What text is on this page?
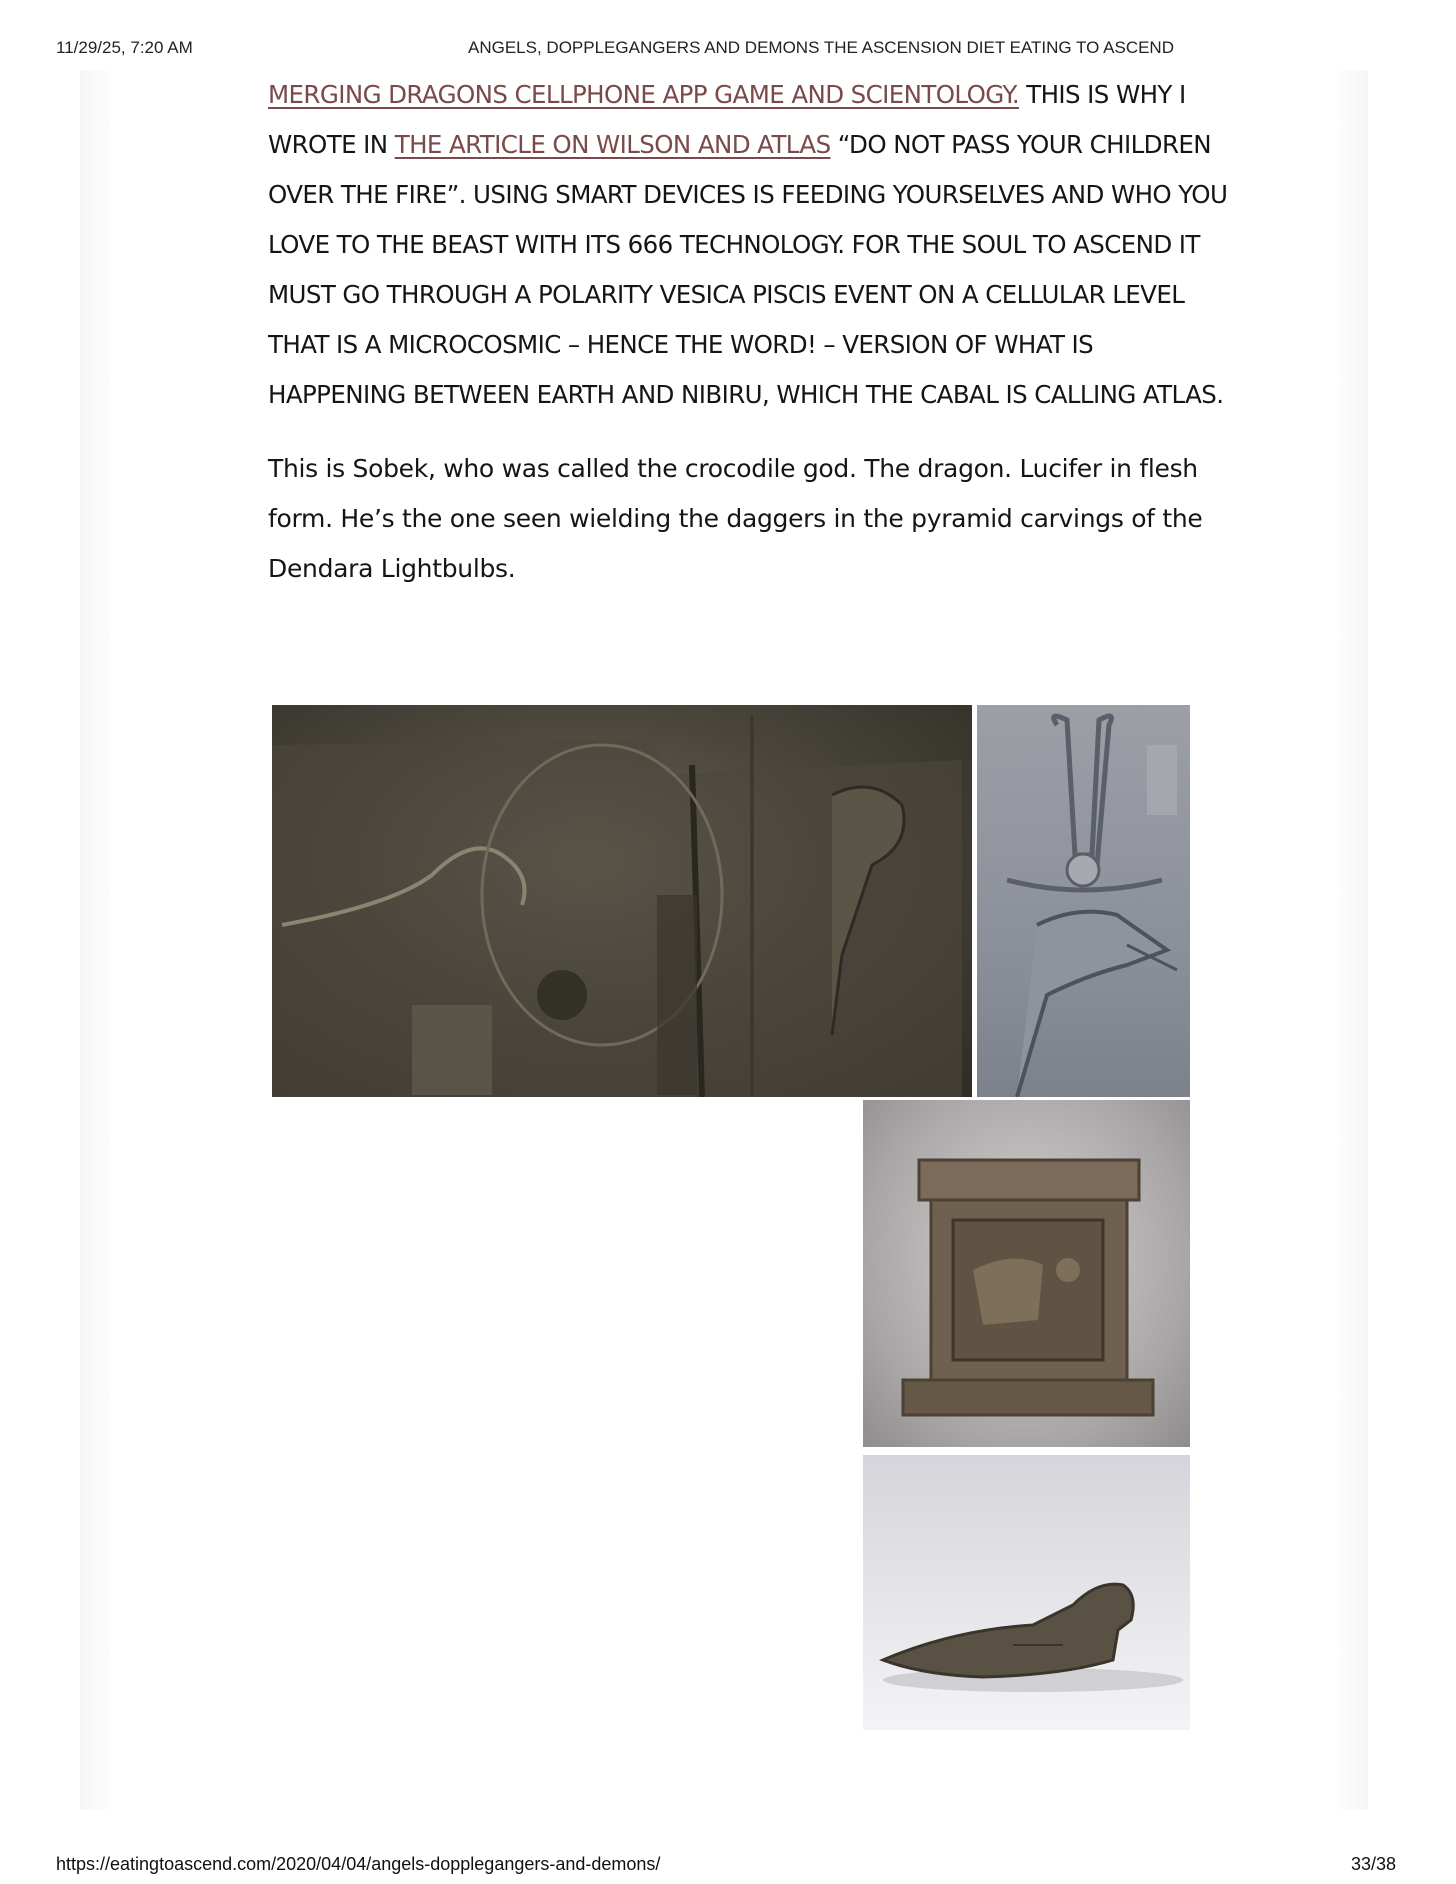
11/29/25, 7:20 AM	ANGELS, DOPPLEGANGERS AND DEMONS THE ASCENSION DIET EATING TO ASCEND

MERGING DRAGONS CELLPHONE APP GAME AND SCIENTOLOGY. THIS IS WHY I WROTE IN THE ARTICLE ON WILSON AND ATLAS “DO NOT PASS YOUR CHILDREN OVER THE FIRE”. USING SMART DEVICES IS FEEDING YOURSELVES AND WHO YOU LOVE TO THE BEAST WITH ITS 666 TECHNOLOGY. FOR THE SOUL TO ASCEND IT MUST GO THROUGH A POLARITY VESICA PISCIS EVENT ON A CELLULAR LEVEL THAT IS A MICROCOSMIC – HENCE THE WORD! – VERSION OF WHAT IS HAPPENING BETWEEN EARTH AND NIBIRU, WHICH THE CABAL IS CALLING ATLAS.

This is Sobek, who was called the crocodile god. The dragon. Lucifer in flesh form. He’s the one seen wielding the daggers in the pyramid carvings of the Dendara Lightbulbs.

https://eatingtoascend.com/2020/04/04/angels-dopplegangers-and-demons/	33/38
